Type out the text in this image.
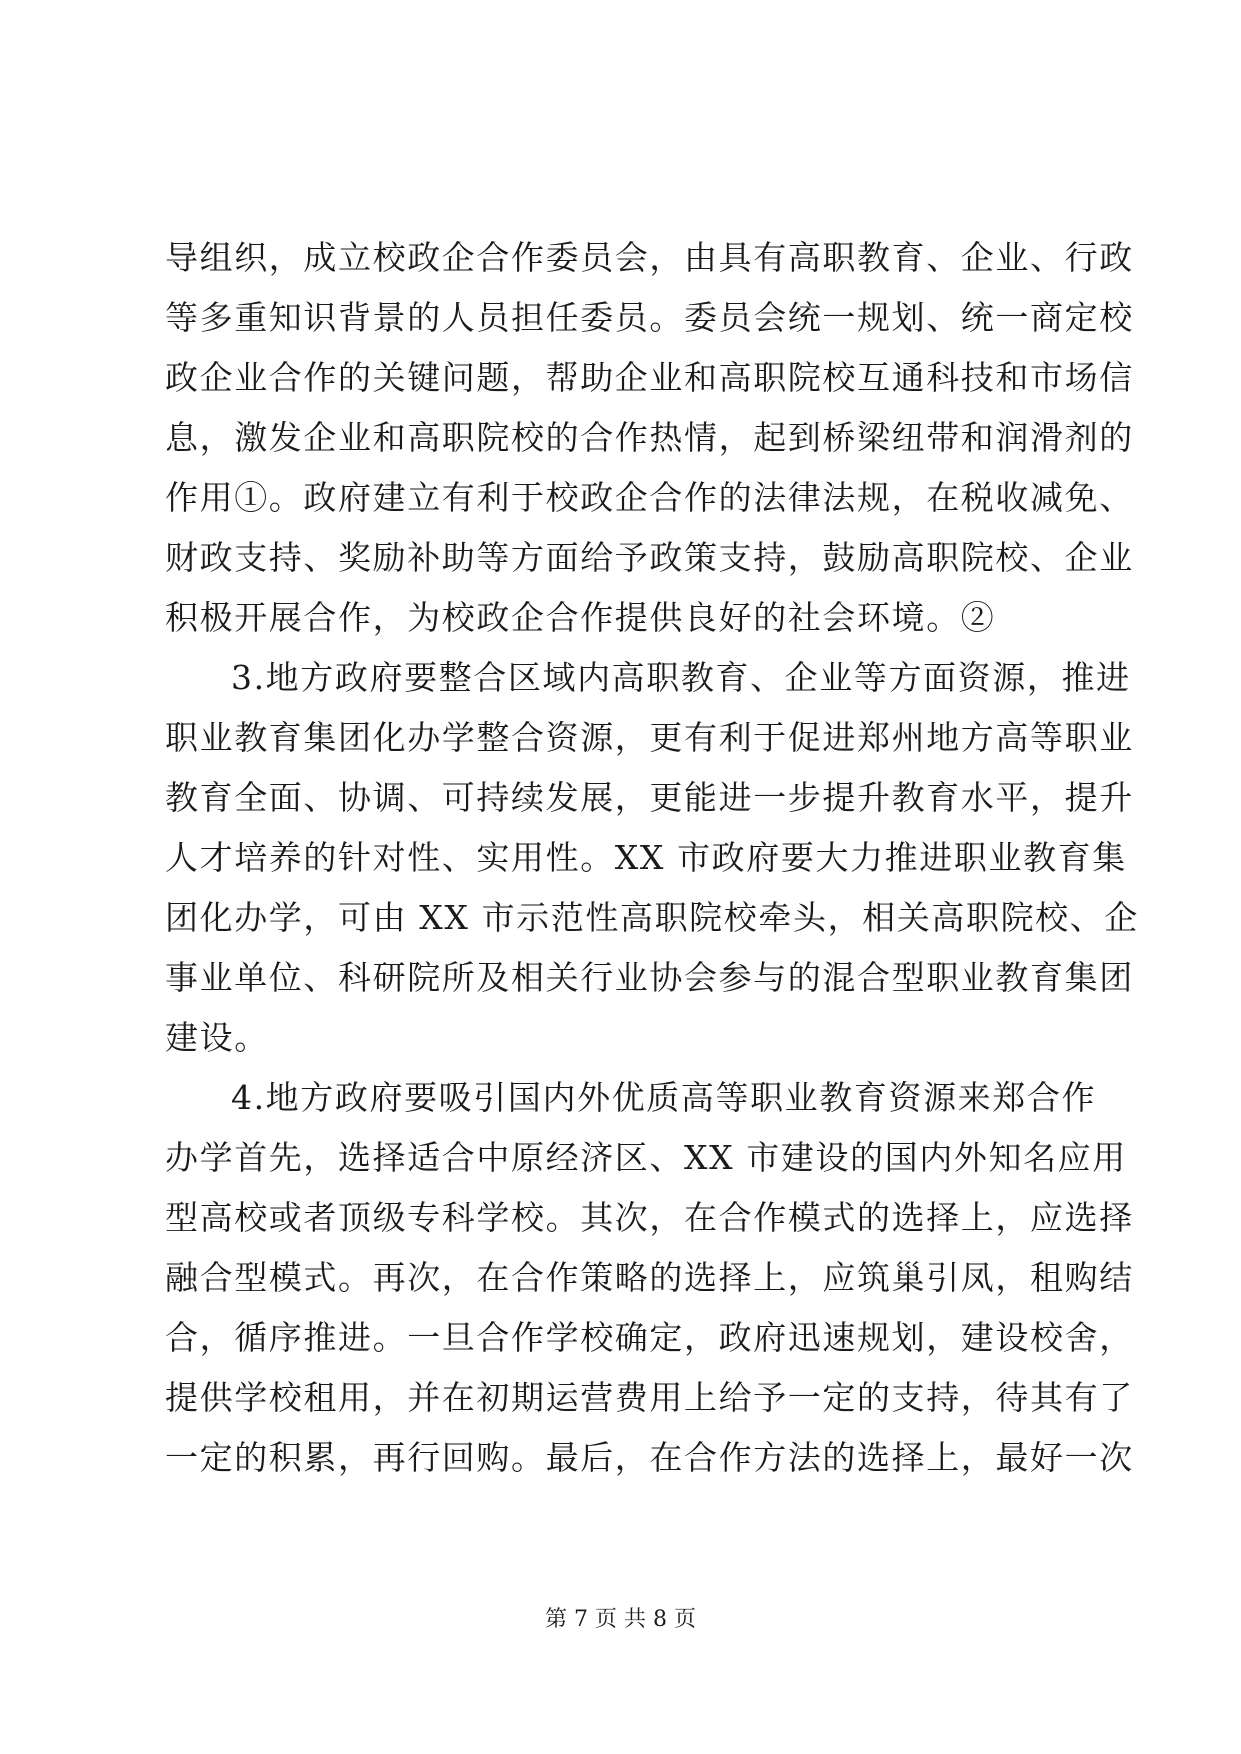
导组织，成立校政企合作委员会，由具有高职教育、企业、行政
等多重知识背景的人员担任委员。委员会统一规划、统一商定校
政企业合作的关键问题，帮助企业和高职院校互通科技和市场信
息，激发企业和高职院校的合作热情，起到桥梁纽带和润滑剂的
作用①。政府建立有利于校政企合作的法律法规，在税收减免、
财政支持、奖励补助等方面给予政策支持，鼓励高职院校、企业
积极开展合作，为校政企合作提供良好的社会环境。②
3.地方政府要整合区域内高职教育、企业等方面资源，推进
职业教育集团化办学整合资源，更有利于促进郑州地方高等职业
教育全面、协调、可持续发展，更能进一步提升教育水平，提升
人才培养的针对性、实用性。XX 市政府要大力推进职业教育集
团化办学，可由 XX 市示范性高职院校牵头，相关高职院校、企
事业单位、科研院所及相关行业协会参与的混合型职业教育集团
建设。
4.地方政府要吸引国内外优质高等职业教育资源来郑合作
办学首先，选择适合中原经济区、XX 市建设的国内外知名应用
型高校或者顶级专科学校。其次，在合作模式的选择上，应选择
融合型模式。再次，在合作策略的选择上，应筑巢引凤，租购结
合，循序推进。一旦合作学校确定，政府迅速规划，建设校舍，
提供学校租用，并在初期运营费用上给予一定的支持，待其有了
一定的积累，再行回购。最后，在合作方法的选择上，最好一次
第 7 页 共 8 页
